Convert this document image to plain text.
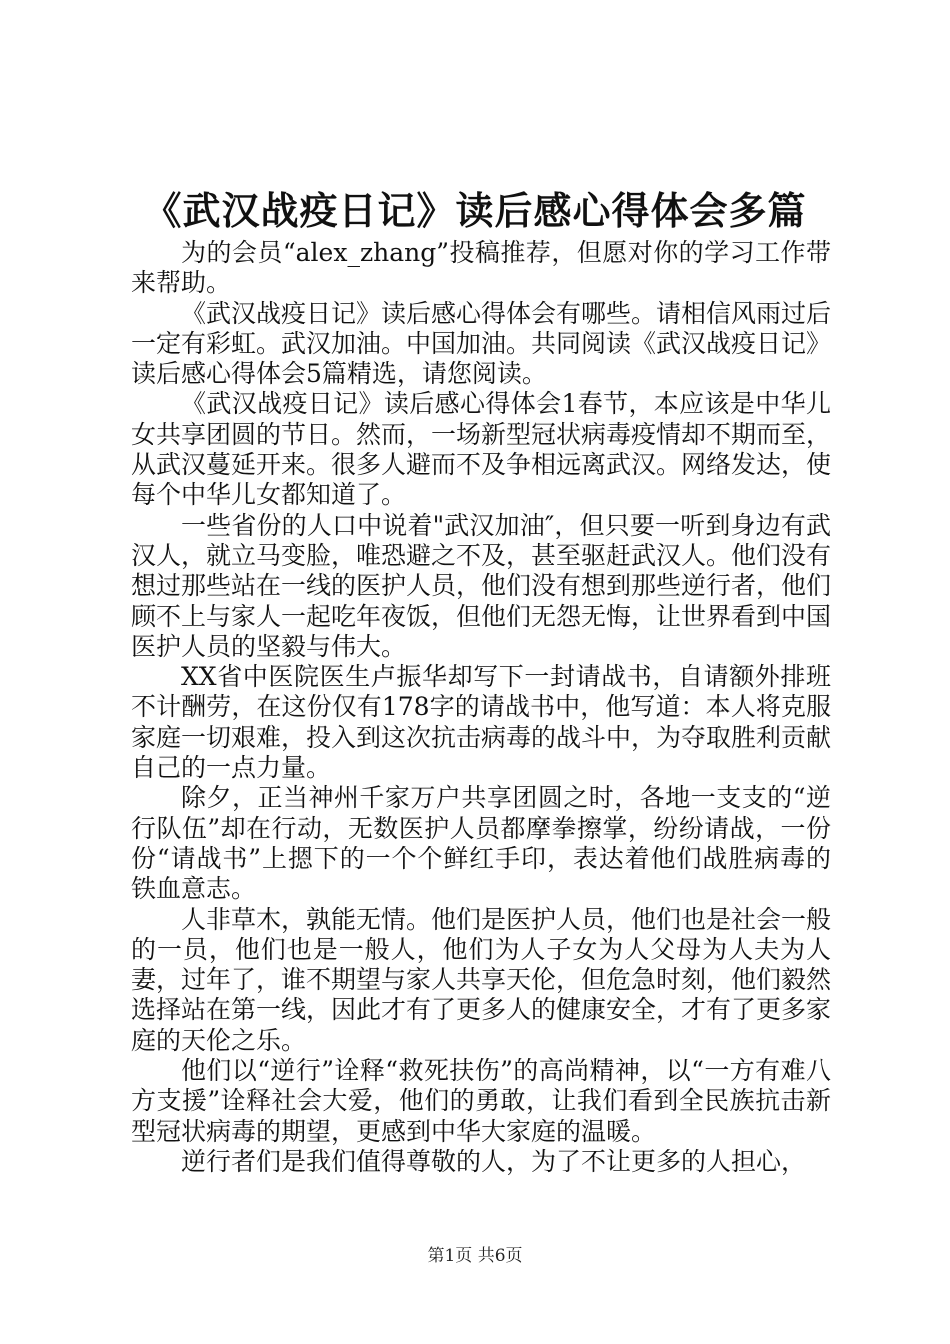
《武汉战疫日记》读后感心得体会多篇

为的会员“alex_zhang”投稿推荐，但愿对你的学习工作带来帮助。

《武汉战疫日记》读后感心得体会有哪些。请相信风雨过后一定有彩虹。武汉加油。中国加油。共同阅读《武汉战疫日记》读后感心得体会5篇精选，请您阅读。

《武汉战疫日记》读后感心得体会1春节，本应该是中华儿女共享团圆的节日。然而，一场新型冠状病毒疫情却不期而至，从武汉蔓延开来。很多人避而不及争相远离武汉。网络发达，使每个中华儿女都知道了。

一些省份的人口中说着"武汉加油″，但只要一听到身边有武汉人，就立马变脸，唯恐避之不及，甚至驱赶武汉人。他们没有想过那些站在一线的医护人员，他们没有想到那些逆行者，他们顾不上与家人一起吃年夜饭，但他们无怨无悔，让世界看到中国医护人员的坚毅与伟大。

XX省中医院医生卢振华却写下一封请战书，自请额外排班不计酬劳，在这份仅有178字的请战书中，他写道：本人将克服家庭一切艰难，投入到这次抗击病毒的战斗中，为夺取胜利贡献自己的一点力量。

除夕，正当神州千家万户共享团圆之时，各地一支支的“逆行队伍”却在行动，无数医护人员都摩拳擦掌，纷纷请战，一份份“请战书”上摁下的一个个鲜红手印，表达着他们战胜病毒的铁血意志。

人非草木，孰能无情。他们是医护人员，他们也是社会一般的一员，他们也是一般人，他们为人子女为人父母为人夫为人妻，过年了，谁不期望与家人共享天伦，但危急时刻，他们毅然选择站在第一线，因此才有了更多人的健康安全，才有了更多家庭的天伦之乐。

他们以“逆行”诠释“救死扶伤”的高尚精神，以“一方有难八方支援”诠释社会大爱，他们的勇敢，让我们看到全民族抗击新型冠状病毒的期望，更感到中华大家庭的温暖。

逆行者们是我们值得尊敬的人，为了不让更多的人担心，

第1页 共6页
